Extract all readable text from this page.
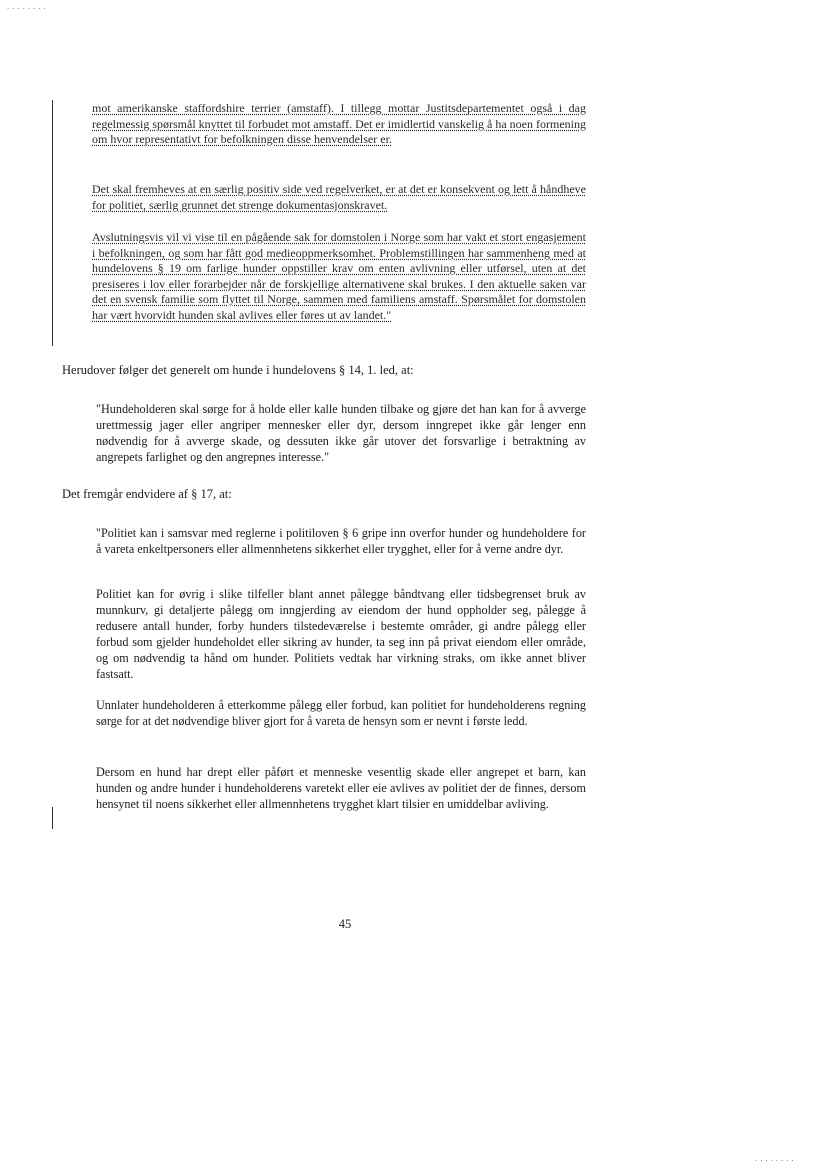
........

mot amerikanske staffordshire terrier (amstaff). I tillegg mottar Justitsdepartementet også i dag regelmessig spørsmål knyttet til forbudet mot amstaff. Det er imidlertid vanskelig å ha noen formening om hvor representativt for befolkningen disse henvendelser er.

Det skal fremheves at en særlig positiv side ved regelverket, er at det er konsekvent og lett å håndheve for politiet, særlig grunnet det strenge dokumentasjonskravet.

Avslutningsvis vil vi vise til en pågående sak for domstolen i Norge som har vakt et stort engasjement i befolkningen, og som har fått god medieoppmerksomhet. Problemstillingen har sammenheng med at hundelovens § 19 om farlige hunder oppstiller krav om enten avlivning eller utførsel, uten at det presiseres i lov eller forarbejder når de forskjellige alternativene skal brukes. I den aktuelle saken var det en svensk familie som flyttet til Norge, sammen med familiens amstaff. Spørsmålet for domstolen har vært hvorvidt hunden skal avlives eller føres ut av landet."

Herudover følger det generelt om hunde i hundelovens § 14, 1. led, at:

"Hundeholderen skal sørge for å holde eller kalle hunden tilbake og gjøre det han kan for å avverge urettmessig jager eller angriper mennesker eller dyr, dersom inngrepet ikke går lenger enn nødvendig for å avverge skade, og dessuten ikke går utover det forsvarlige i betraktning av angrepets farlighet og den angrepnes interesse."

Det fremgår endvidere af § 17, at:

"Politiet kan i samsvar med reglerne i politiloven § 6 gripe inn overfor hunder og hundeholdere for å vareta enkeltpersoners eller allmennhetens sikkerhet eller trygghet, eller for å verne andre dyr.

Politiet kan for øvrig i slike tilfeller blant annet pålegge båndtvang eller tidsbegrenset bruk av munnkurv, gi detaljerte pålegg om inngjerding av eiendom der hund oppholder seg, pålegge å redusere antall hunder, forby hunders tilstedeværelse i bestemte områder, gi andre pålegg eller forbud som gjelder hundeholdet eller sikring av hunder, ta seg inn på privat eiendom eller område, og om nødvendig ta hånd om hunder. Politiets vedtak har virkning straks, om ikke annet bliver fastsatt.

Unnlater hundeholderen å etterkomme pålegg eller forbud, kan politiet for hundeholderens regning sørge for at det nødvendige bliver gjort for å vareta de hensyn som er nevnt i første ledd.

Dersom en hund har drept eller påført et menneske vesentlig skade eller angrepet et barn, kan hunden og andre hunder i hundeholderens varetekt eller eie avlives av politiet der de finnes, dersom hensynet til noens sikkerhet eller allmennhetens trygghet klart tilsier en umiddelbar avliving.

45

........
